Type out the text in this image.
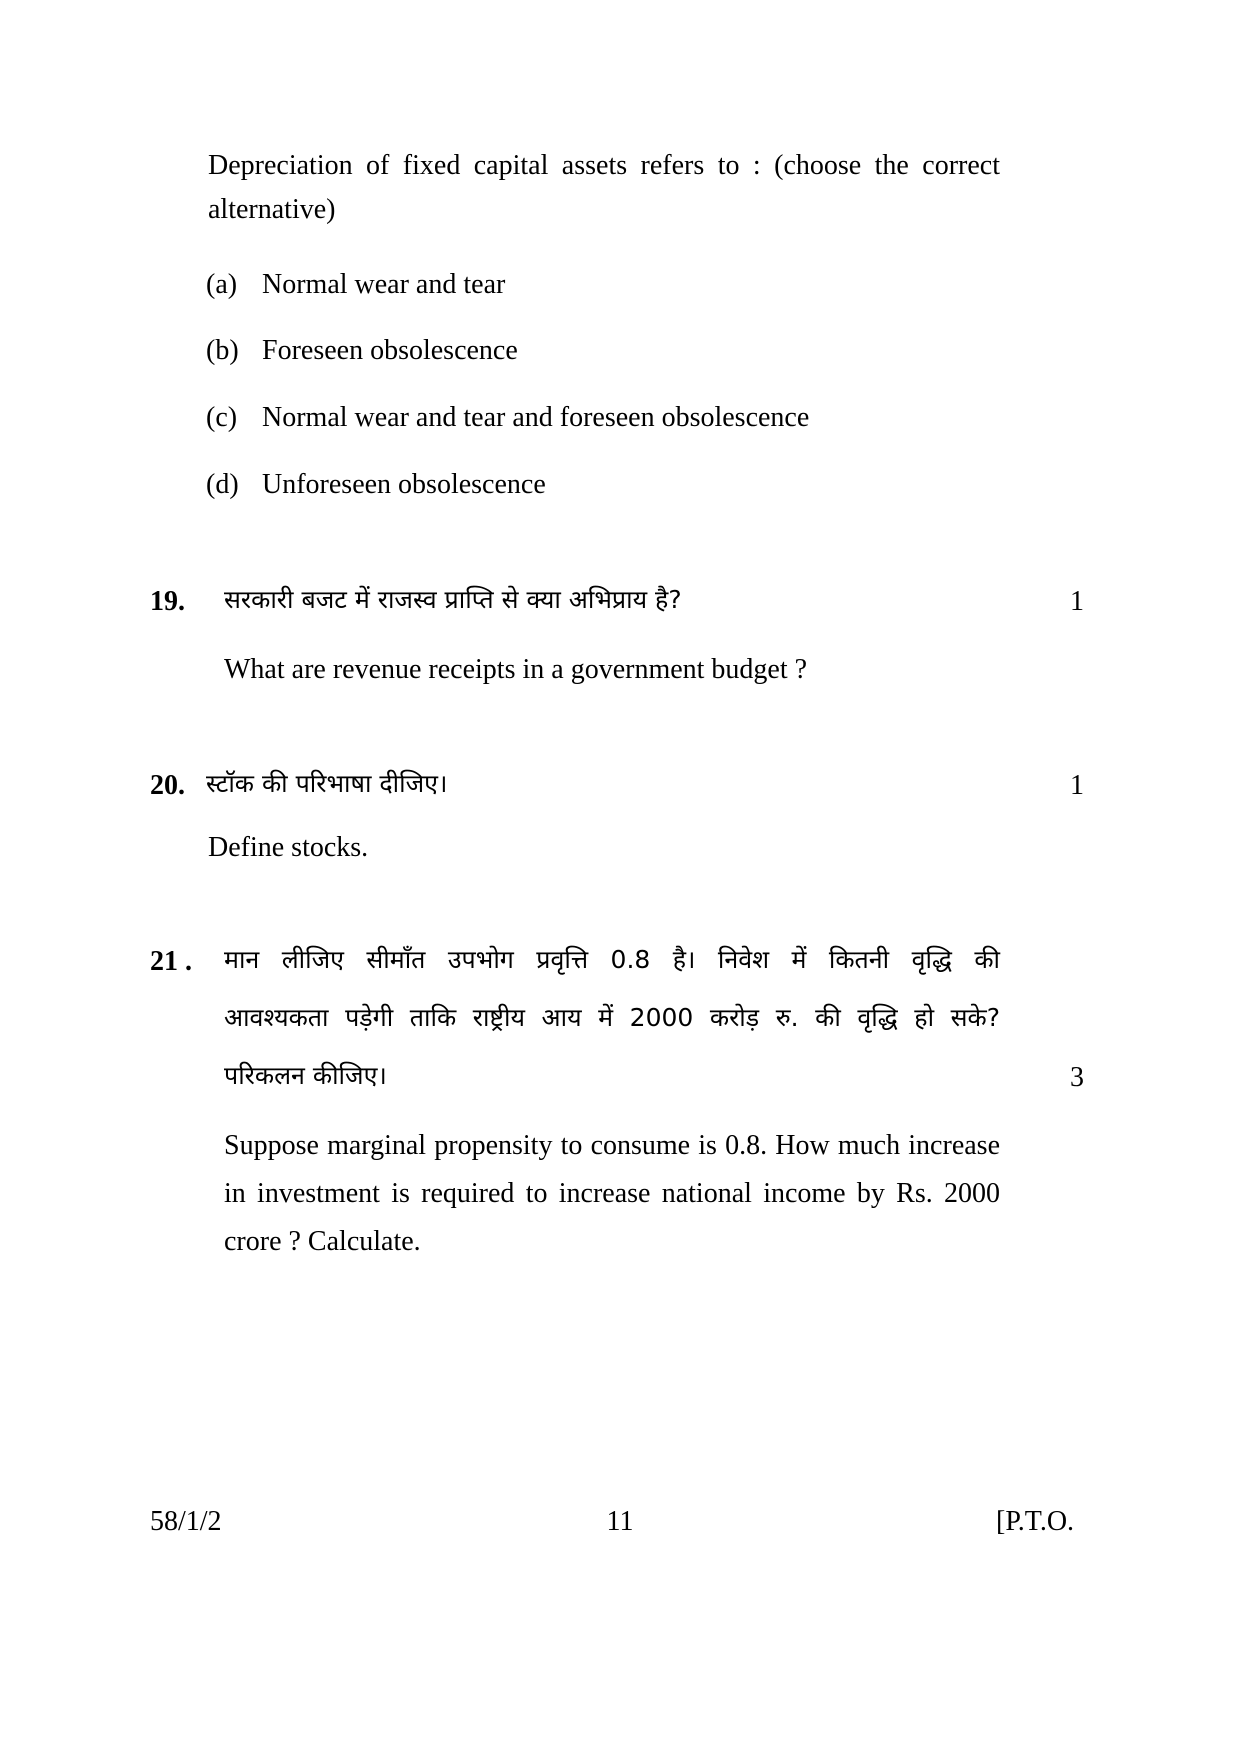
Depreciation of fixed capital assets refers to : (choose the correct alternative)
(a) Normal wear and tear
(b) Foreseen obsolescence
(c) Normal wear and tear and foreseen obsolescence
(d) Unforeseen obsolescence
19. सरकारी बजट में राजस्व प्राप्ति से क्या अभिप्राय है?	1
What are revenue receipts in a government budget ?
20. स्टॉक की परिभाषा दीजिए।	1
Define stocks.
21 . मान लीजिए सीमाँत उपभोग प्रवृत्ति 0.8 है। निवेश में कितनी वृद्धि की
आवश्यकता पड़ेगी ताकि राष्ट्रीय आय में 2000 करोड़ रु. की वृद्धि हो सके?
परिकलन कीजिए।	3
Suppose marginal propensity to consume is 0.8. How much increase in investment is required to increase national income by Rs. 2000 crore ? Calculate.
58/1/2	11	[P.T.O.
